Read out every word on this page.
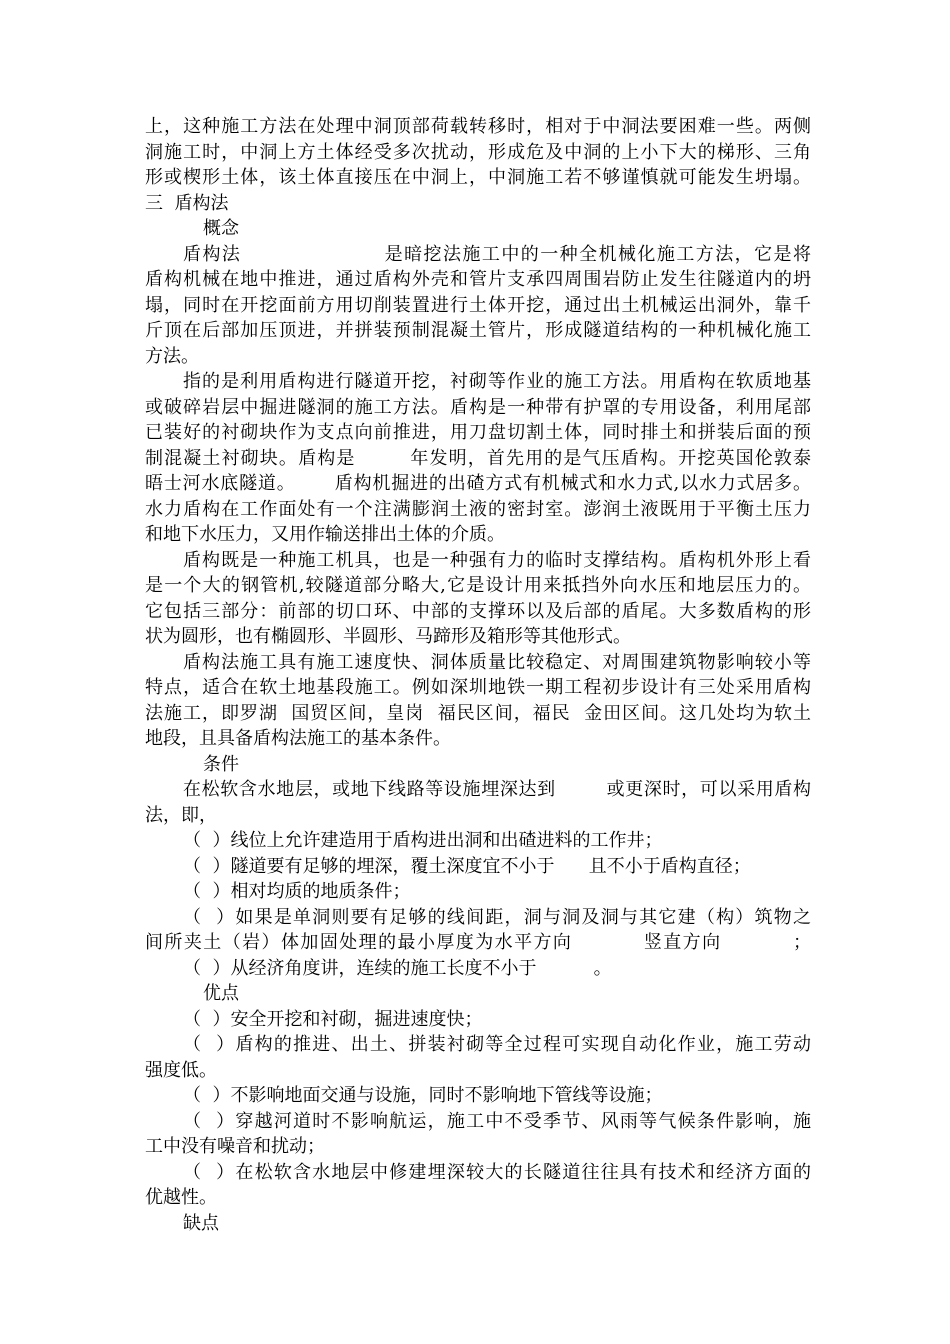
上，这种施工方法在处理中洞顶部荷载转移时，相对于中洞法要困难一些。两侧
洞施工时，中洞上方土体经受多次扰动，形成危及中洞的上小下大的梯形、三角
形或楔形土体，该土体直接压在中洞上，中洞施工若不够谨慎就可能发生坍塌。
三  盾构法
概念
盾构法                    是暗挖法施工中的一种全机械化施工方法，它是将
盾构机械在地中推进，通过盾构外壳和管片支承四周围岩防止发生往隧道内的坍
塌，同时在开挖面前方用切削装置进行土体开挖，通过出土机械运出洞外，靠千
斤顶在后部加压顶进，并拼装预制混凝土管片，形成隧道结构的一种机械化施工
方法。
指的是利用盾构进行隧道开挖，衬砌等作业的施工方法。用盾构在软质地基
或破碎岩层中掘进隧洞的施工方法。盾构是一种带有护罩的专用设备，利用尾部
已装好的衬砌块作为支点向前推进，用刀盘切割土体，同时排土和拼装后面的预
制混凝土衬砌块。盾构是        年发明，首先用的是气压盾构。开挖英国伦敦泰
晤士河水底隧道。      盾构机掘进的出碴方式有机械式和水力式,以水力式居多。
水力盾构在工作面处有一个注满膨润土液的密封室。澎润土液既用于平衡土压力
和地下水压力，又用作输送排出土体的介质。
盾构既是一种施工机具，也是一种强有力的临时支撑结构。盾构机外形上看
是一个大的钢管机,较隧道部分略大,它是设计用来抵挡外向水压和地层压力的。
它包括三部分：前部的切口环、中部的支撑环以及后部的盾尾。大多数盾构的形
状为圆形，也有椭圆形、半圆形、马蹄形及箱形等其他形式。
盾构法施工具有施工速度快、洞体质量比较稳定、对周围建筑物影响较小等
特点，适合在软土地基段施工。例如深圳地铁一期工程初步设计有三处采用盾构
法施工，即罗湖  国贸区间，皇岗  福民区间，福民  金田区间。这几处均为软土
地段，且具备盾构法施工的基本条件。
条件
在松软含水地层，或地下线路等设施埋深达到        或更深时，可以采用盾构
法，即，
（  ）线位上允许建造用于盾构进出洞和出碴进料的工作井；
（  ）隧道要有足够的埋深，覆土深度宜不小于      且不小于盾构直径；
（  ）相对均质的地质条件；
（  ）如果是单洞则要有足够的线间距，洞与洞及洞与其它建（构）筑物之
间所夹土（岩）体加固处理的最小厚度为水平方向          竖直方向          ；
（  ）从经济角度讲，连续的施工长度不小于          。
优点
（  ）安全开挖和衬砌，掘进速度快；
（  ）盾构的推进、出土、拼装衬砌等全过程可实现自动化作业，施工劳动
强度低。
（  ）不影响地面交通与设施，同时不影响地下管线等设施；
（  ）穿越河道时不影响航运，施工中不受季节、风雨等气候条件影响，施
工中没有噪音和扰动；
（  ）在松软含水地层中修建埋深较大的长隧道往往具有技术和经济方面的
优越性。
缺点
